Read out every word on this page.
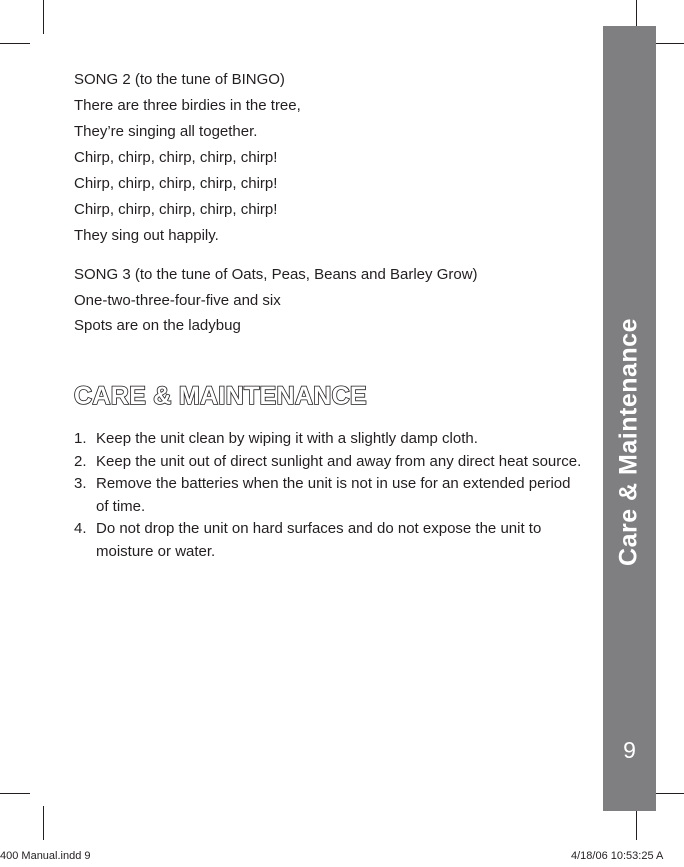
Care & Maintenance
9
SONG 2 (to the tune of BINGO)
There are three birdies in the tree,
They’re singing all together.
Chirp, chirp, chirp, chirp, chirp!
Chirp, chirp, chirp, chirp, chirp!
Chirp, chirp, chirp, chirp, chirp!
They sing out happily.
SONG 3 (to the tune of Oats, Peas, Beans and Barley Grow)
One-two-three-four-five and six
Spots are on the ladybug
CARE & MAINTENANCE
1. Keep the unit clean by wiping it with a slightly damp cloth.
2. Keep the unit out of direct sunlight and away from any direct heat source.
3. Remove the batteries when the unit is not in use for an extended period of time.
4. Do not drop the unit on hard surfaces and do not expose the unit to moisture or water.
400 Manual.indd 9	4/18/06 10:53:25 A
